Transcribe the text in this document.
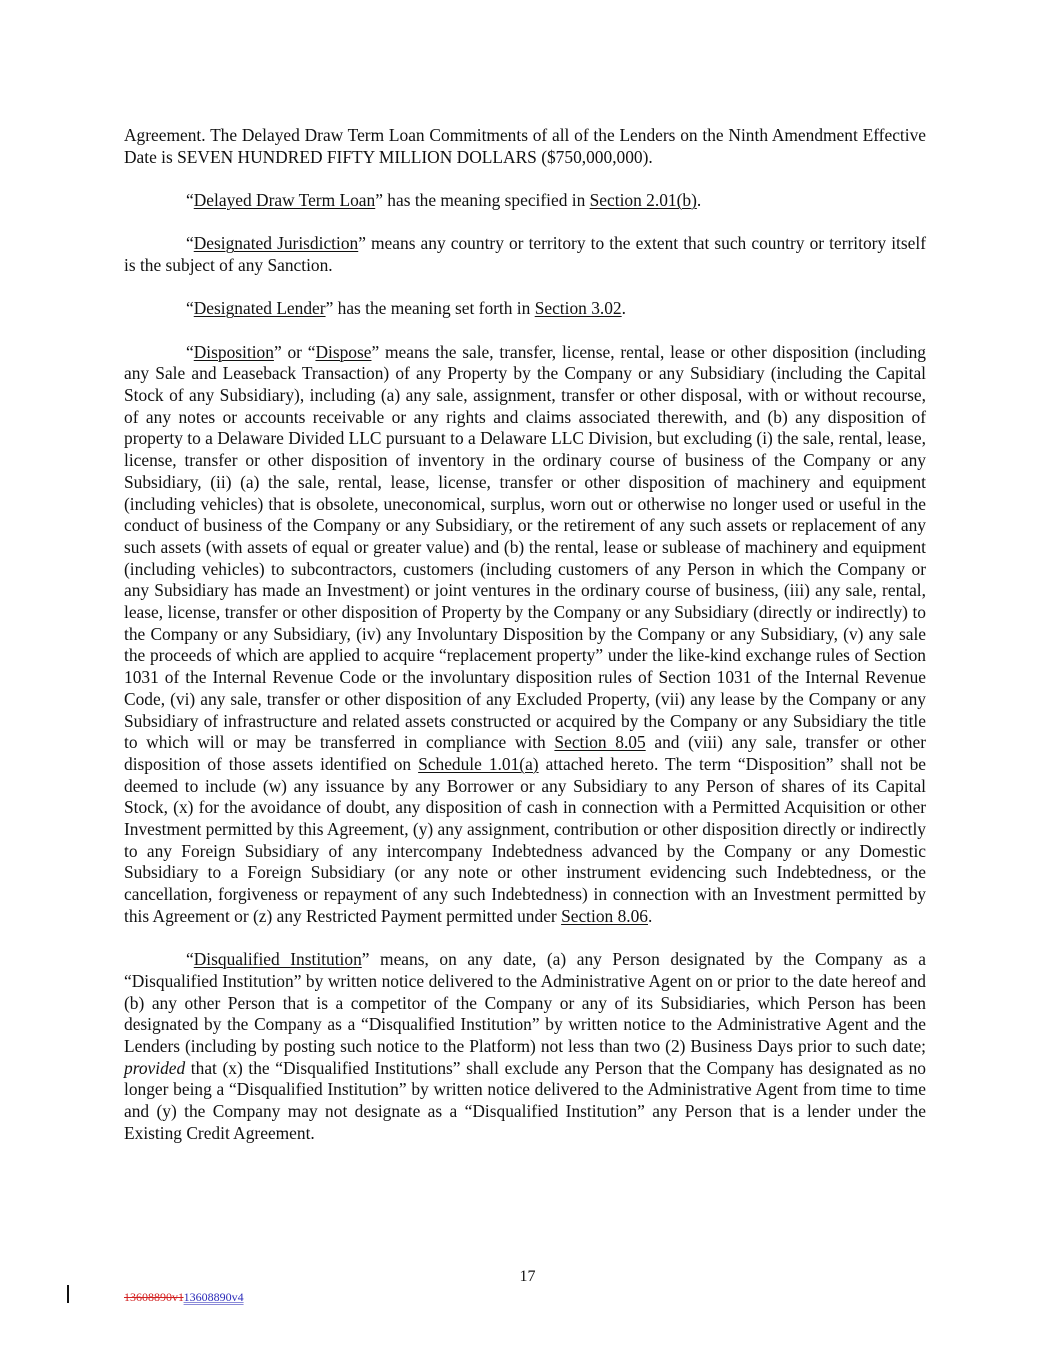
Agreement. The Delayed Draw Term Loan Commitments of all of the Lenders on the Ninth Amendment Effective Date is SEVEN HUNDRED FIFTY MILLION DOLLARS ($750,000,000).

“Delayed Draw Term Loan” has the meaning specified in Section 2.01(b).

“Designated Jurisdiction” means any country or territory to the extent that such country or territory itself is the subject of any Sanction.

“Designated Lender” has the meaning set forth in Section 3.02.

“Disposition” or “Dispose” means the sale, transfer, license, rental, lease or other disposition (including any Sale and Leaseback Transaction) of any Property by the Company or any Subsidiary (including the Capital Stock of any Subsidiary), including (a) any sale, assignment, transfer or other disposal, with or without recourse, of any notes or accounts receivable or any rights and claims associated therewith, and (b) any disposition of property to a Delaware Divided LLC pursuant to a Delaware LLC Division, but excluding (i) the sale, rental, lease, license, transfer or other disposition of inventory in the ordinary course of business of the Company or any Subsidiary, (ii) (a) the sale, rental, lease, license, transfer or other disposition of machinery and equipment (including vehicles) that is obsolete, uneconomical, surplus, worn out or otherwise no longer used or useful in the conduct of business of the Company or any Subsidiary, or the retirement of any such assets or replacement of any such assets (with assets of equal or greater value) and (b) the rental, lease or sublease of machinery and equipment (including vehicles) to subcontractors, customers (including customers of any Person in which the Company or any Subsidiary has made an Investment) or joint ventures in the ordinary course of business, (iii) any sale, rental, lease, license, transfer or other disposition of Property by the Company or any Subsidiary (directly or indirectly) to the Company or any Subsidiary, (iv) any Involuntary Disposition by the Company or any Subsidiary, (v) any sale the proceeds of which are applied to acquire “replacement property” under the like-kind exchange rules of Section 1031 of the Internal Revenue Code or the involuntary disposition rules of Section 1031 of the Internal Revenue Code, (vi) any sale, transfer or other disposition of any Excluded Property, (vii) any lease by the Company or any Subsidiary of infrastructure and related assets constructed or acquired by the Company or any Subsidiary the title to which will or may be transferred in compliance with Section 8.05 and (viii) any sale, transfer or other disposition of those assets identified on Schedule 1.01(a) attached hereto. The term “Disposition” shall not be deemed to include (w) any issuance by any Borrower or any Subsidiary to any Person of shares of its Capital Stock, (x) for the avoidance of doubt, any disposition of cash in connection with a Permitted Acquisition or other Investment permitted by this Agreement, (y) any assignment, contribution or other disposition directly or indirectly to any Foreign Subsidiary of any intercompany Indebtedness advanced by the Company or any Domestic Subsidiary to a Foreign Subsidiary (or any note or other instrument evidencing such Indebtedness, or the cancellation, forgiveness or repayment of any such Indebtedness) in connection with an Investment permitted by this Agreement or (z) any Restricted Payment permitted under Section 8.06.

“Disqualified Institution” means, on any date, (a) any Person designated by the Company as a “Disqualified Institution” by written notice delivered to the Administrative Agent on or prior to the date hereof and (b) any other Person that is a competitor of the Company or any of its Subsidiaries, which Person has been designated by the Company as a “Disqualified Institution” by written notice to the Administrative Agent and the Lenders (including by posting such notice to the Platform) not less than two (2) Business Days prior to such date; provided that (x) the “Disqualified Institutions” shall exclude any Person that the Company has designated as no longer being a “Disqualified Institution” by written notice delivered to the Administrative Agent from time to time and (y) the Company may not designate as a “Disqualified Institution” any Person that is a lender under the Existing Credit Agreement.

17
13608890v113608890v4
